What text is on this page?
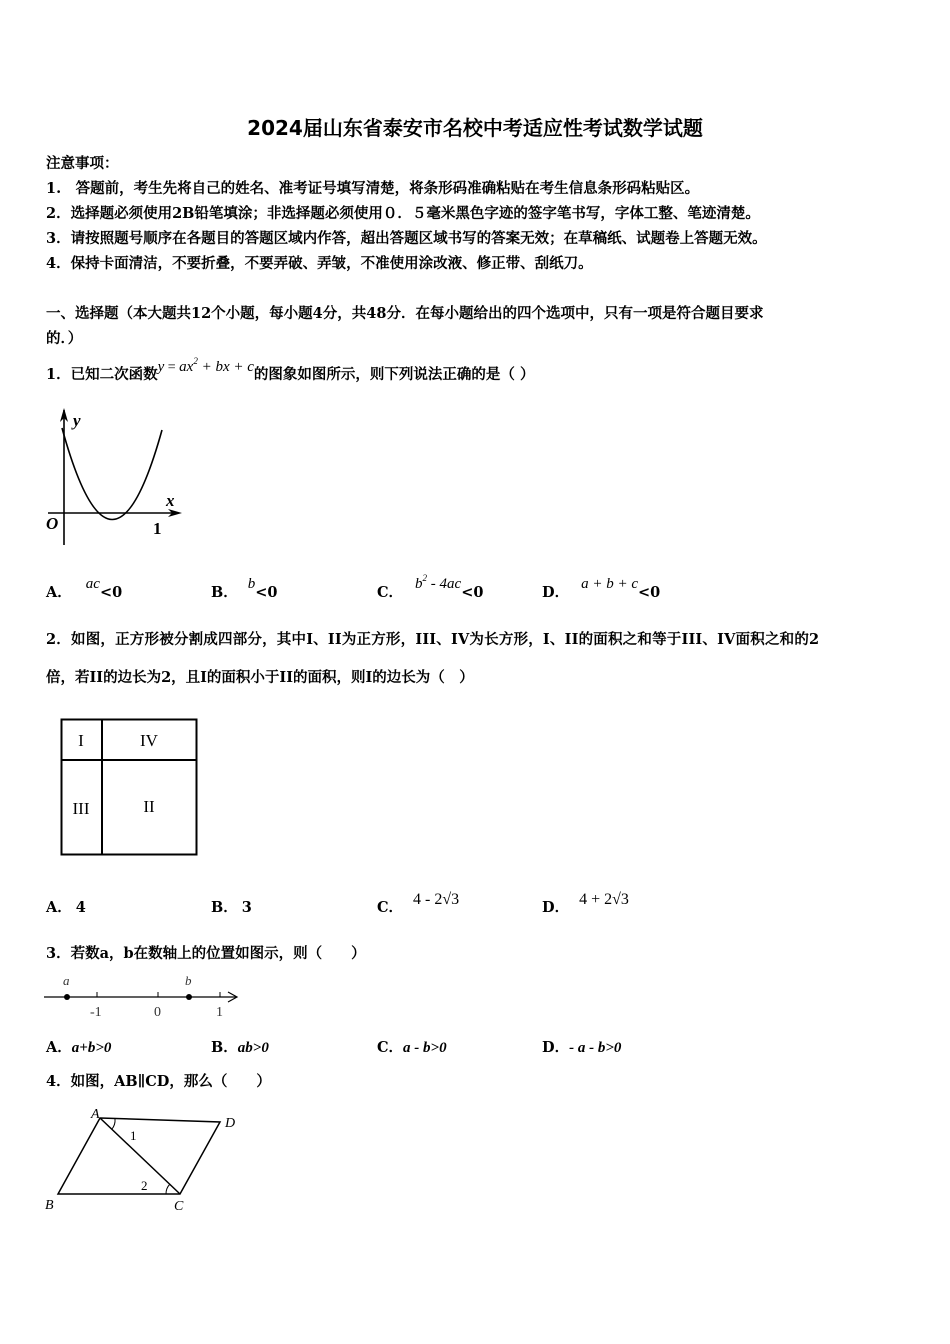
2024届山东省泰安市名校中考适应性考试数学试题
注意事项：
1.　答题前，考生先将自己的姓名、准考证号填写清楚，将条形码准确粘贴在考生信息条形码粘贴区。
2．选择题必须使用2B铅笔填涂；非选择题必须使用０．５毫米黑色字迹的签字笔书写，字体工整、笔迹清楚。
3．请按照题号顺序在各题目的答题区域内作答，超出答题区域书写的答案无效；在草稿纸、试题卷上答题无效。
4．保持卡面清洁，不要折叠，不要弄破、弄皱，不准使用涂改液、修正带、刮纸刀。
一、选择题（本大题共12个小题，每小题4分，共48分．在每小题给出的四个选项中，只有一项是符合题目要求
的．）
1．已知二次函数$y = ax^2$ + bx + c的图象如图所示，则下列说法正确的是（ ）
y
x
O	1
A． ac<0	B． b<0	C． $b^2 - 4ac<0$	D． a + b + c<0
2．如图，正方形被分割成四部分，其中I、II为正方形，III、IV为长方形，I、II的面积之和等于III、IV面积之和的2
倍，若II的边长为2，且I的面积小于II的面积，则I的边长为（　）
I	IV
III	II
A． 4	B． 3	C． 4 - 2√3	D． 4 + 2√3
3．若数a，b在数轴上的位置如图示，则（　　）
a	b
-1	0	1
A．a+b>0	B．ab>0	C．a - b>0	D．- a - b>0
4．如图，AB∥CD，那么（　　）
A
D
B	C
1
2
